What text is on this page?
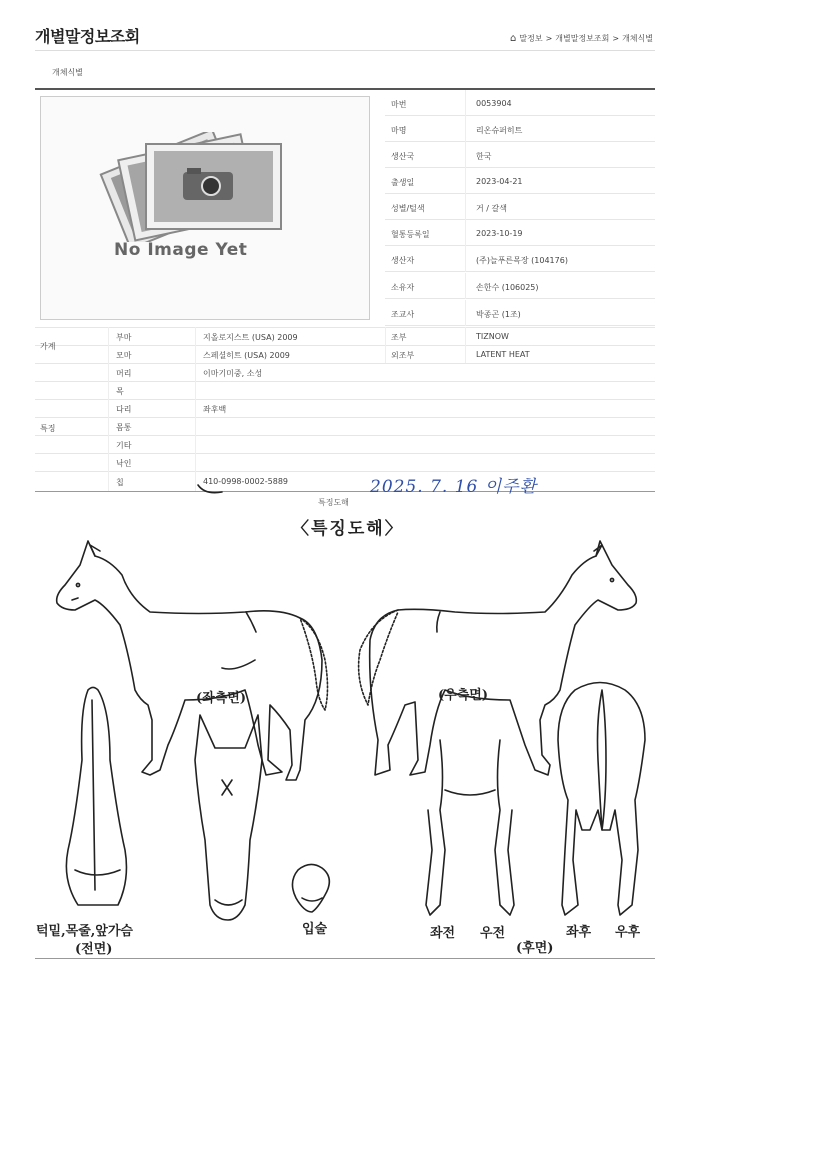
개별말정보조회	⌂ 말정보 > 개별말정보조회 > 개체식별
개체식별
No Image Yet
마번	0053904
마명	리온슈퍼히트
생산국	한국
출생일	2023-04-21
성별/털색	거 / 갈색
혈통등록일	2023-10-19
생산자	(주)늘푸른목장 (104176)
소유자	손한수 (106025)
조교사	박종곤 (1조)
가계
부마	지올로지스트 (USA) 2009	조부	TIZNOW
모마	스페셜히트 (USA) 2009	외조부	LATENT HEAT
특징
머리	이마기미중, 소성
목
다리	좌후백
몸통
기타
낙인
칩	410-0998-0002-5889	2025. 7. 16 이주환
특징도해
〈특징도해〉
(좌측면)	(우측면)
턱밑,목줄,앞가슴
(전면)
입술	좌전 우전
(후면)
좌후 우후
